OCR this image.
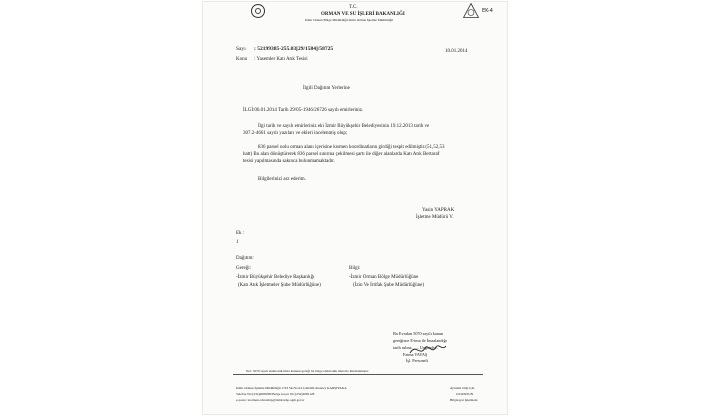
T.C.
ORMAN VE SU İŞLERİ BAKANLIĞI
İzmir Orman Bölge Müdürlüğü İzmir Orman İşletme Müdürlüğü
EK-4
Sayı : 52199385-255.03[29/1584]/58725	10.01.2014
Konu : Yasemler Katı Atık Tesisi
İlgili Dağıtım Yerlerine
İLGİ:06.01.2014 Tarih 29/05-1946/26726 sayılı emirleriniz.
İlgi tarih ve sayılı emirleriniz eki İzmir Büyükşehir Belediyesinin 19.12.2013 tarih ve
307.2-4661 sayılı yazıları ve ekleri incelenmiş olup;
836 parsel nolu orman alanı içerisine kısmen koordinatların girdiği tespit edilmiştir.(51,52,53
hatt) Bu alan dönüştürerek 836 parsel sınırına çekilmesi şartı ile diğer alanlarda Katı Atık Bertaraf
tesisi yapılmasında sakınca bulunmamaktadır.
Bilgilerinizi arz ederim.
Yasin YAPRAK
İşletme Müdürü V.
Ek :
1
Dağıtım:
Gereği:
-İzmir Büyükşehir Belediye Başkanlığı
(Katı Atık İşletmeler Şube Müdürlüğüne)
Bilgi:
-İzmir Orman Bölge Müdürlüğüne
(İzin Ve İrtifak Şube Müdürlüğüne)
Bu Evrakın 5070 sayılı kanun
gereğince E-ima ile İmzalandığı
tarih aslına ...... Uygundur.
Fatma YAVAŞ
İşl. Personeli
Not: 5070 sayılı elektronik imza kanunu gereği bu belge elektronik imza ile imzalanmıştır.
İzmir Orman İşletme Müdürlüğü 1743 Sk.No:24 Çamdibi Alsancy KARŞIYAKA
Telefon No:(232)4695089 Belge Geçer No:(232)4695128
e-posta: izorman advesthtp@izmirorhp.ogm.gov.tr
Ayrıntılı bilgi için
O.DURSUN
Bilgisayar İşletmeni
